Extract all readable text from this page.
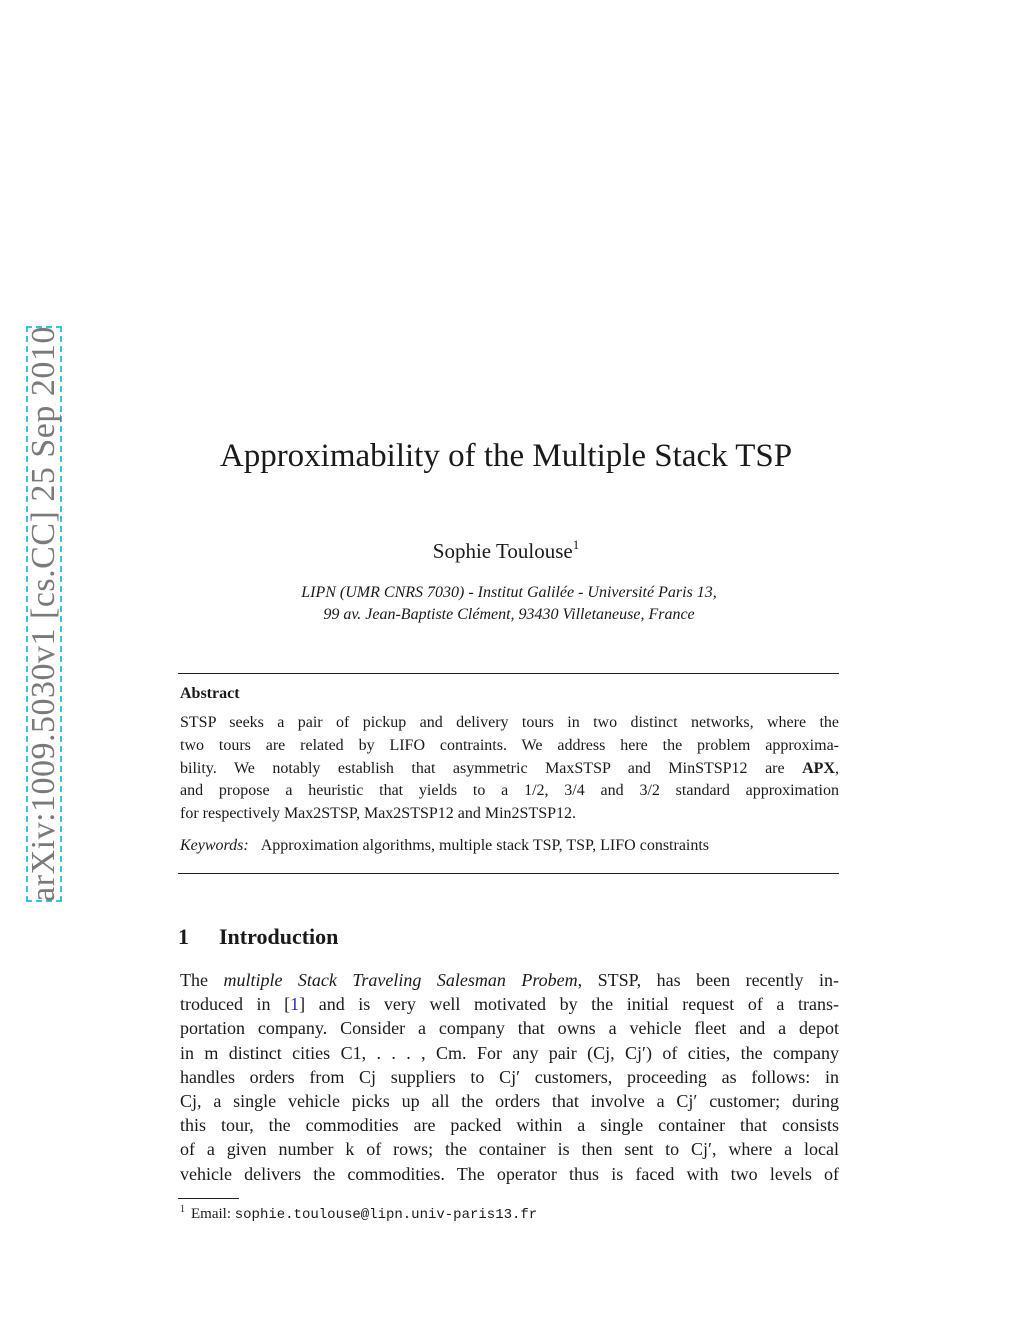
arXiv:1009.5030v1 [cs.CC] 25 Sep 2010	Approximability of the Multiple Stack TSP
Sophie Toulouse$^1$
LIPN (UMR CNRS 7030) - Institut Galilée - Université Paris 13,
99 av. Jean-Baptiste Clément, 93430 Villetaneuse, France
Abstract
STSP seeks a pair of pickup and delivery tours in two distinct networks, where the
two tours are related by LIFO contraints. We address here the problem approxima-
bility. We notably establish that asymmetric MaxSTSP and MinSTSP12 are APX,
and propose a heuristic that yields to a 1/2, 3/4 and 3/2 standard approximation
for respectively Max2STSP, Max2STSP12 and Min2STSP12.
Keywords: Approximation algorithms, multiple stack TSP, TSP, LIFO constraints
1 Introduction
The multiple Stack Traveling Salesman Probem, STSP, has been recently in-
troduced in [1] and is very well motivated by the initial request of a trans-
portation company. Consider a company that owns a vehicle fleet and a depot
in m distinct cities C1, . . . , Cm. For any pair (Cj, Cj′) of cities, the company
handles orders from Cj suppliers to Cj′ customers, proceeding as follows: in
Cj, a single vehicle picks up all the orders that involve a Cj′ customer; during
this tour, the commodities are packed within a single container that consists
of a given number k of rows; the container is then sent to Cj′, where a local
vehicle delivers the commodities. The operator thus is faced with two levels of
$^1$ Email: sophie.toulouse@lipn.univ-paris13.fr
